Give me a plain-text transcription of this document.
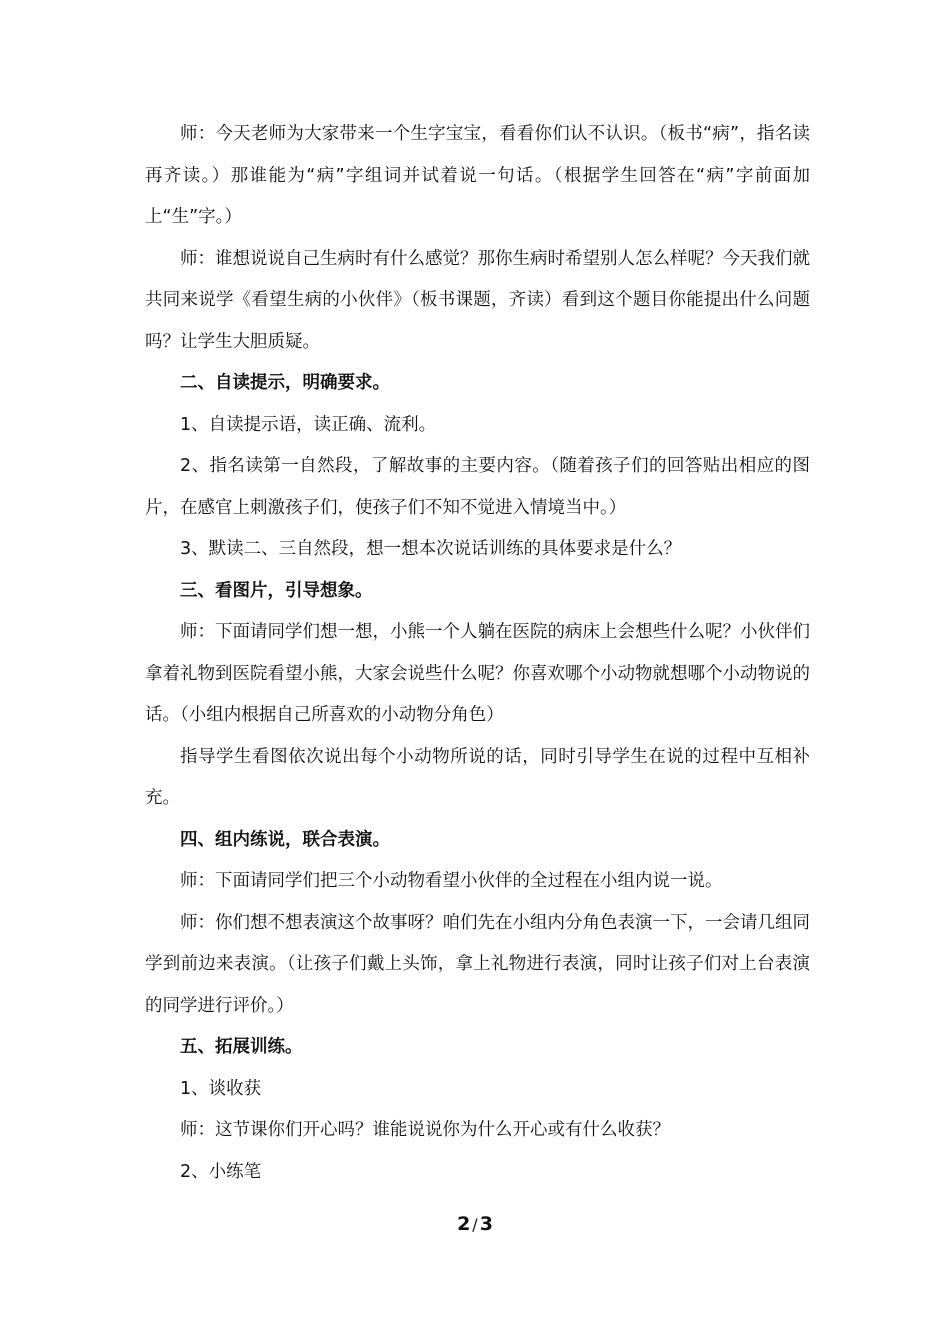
师：今天老师为大家带来一个生字宝宝，看看你们认不认识。（板书“病”，指名读再齐读。）那谁能为“病”字组词并试着说一句话。（根据学生回答在“病”字前面加上“生”字。）

师：谁想说说自己生病时有什么感觉？那你生病时希望别人怎么样呢？今天我们就共同来说学《看望生病的小伙伴》（板书课题，齐读）看到这个题目你能提出什么问题吗？让学生大胆质疑。

二、自读提示，明确要求。

1、自读提示语，读正确、流利。

2、指名读第一自然段，了解故事的主要内容。（随着孩子们的回答贴出相应的图片，在感官上刺激孩子们，使孩子们不知不觉进入情境当中。）

3、默读二、三自然段，想一想本次说话训练的具体要求是什么？

三、看图片，引导想象。

师：下面请同学们想一想，小熊一个人躺在医院的病床上会想些什么呢？小伙伴们拿着礼物到医院看望小熊，大家会说些什么呢？你喜欢哪个小动物就想哪个小动物说的话。（小组内根据自己所喜欢的小动物分角色）

指导学生看图依次说出每个小动物所说的话，同时引导学生在说的过程中互相补充。

四、组内练说，联合表演。

师：下面请同学们把三个小动物看望小伙伴的全过程在小组内说一说。

师：你们想不想表演这个故事呀？咱们先在小组内分角色表演一下，一会请几组同学到前边来表演。（让孩子们戴上头饰，拿上礼物进行表演，同时让孩子们对上台表演的同学进行评价。）

五、拓展训练。

1、谈收获

师：这节课你们开心吗？谁能说说你为什么开心或有什么收获？

2、小练笔

2 / 3
